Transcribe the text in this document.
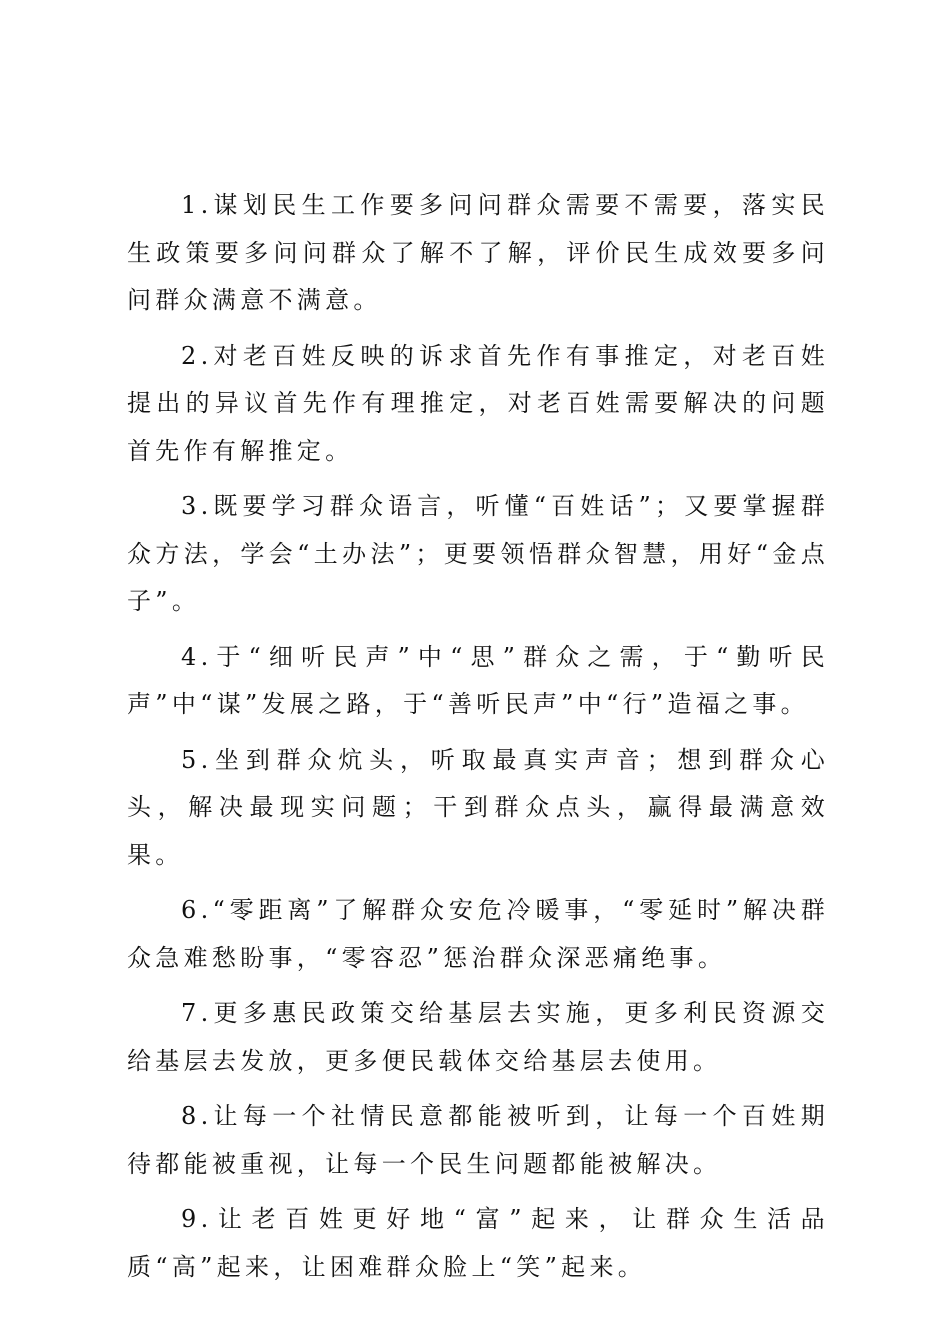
1.谋划民生工作要多问问群众需要不需要，落实民生政策要多问问群众了解不了解，评价民生成效要多问问群众满意不满意。

2.对老百姓反映的诉求首先作有事推定，对老百姓提出的异议首先作有理推定，对老百姓需要解决的问题首先作有解推定。

3.既要学习群众语言，听懂“百姓话”；又要掌握群众方法，学会“土办法”；更要领悟群众智慧，用好“金点子”。

4.于“细听民声”中“思”群众之需，于“勤听民声”中“谋”发展之路，于“善听民声”中“行”造福之事。

5.坐到群众炕头，听取最真实声音；想到群众心头，解决最现实问题；干到群众点头，赢得最满意效果。

6.“零距离”了解群众安危冷暖事，“零延时”解决群众急难愁盼事，“零容忍”惩治群众深恶痛绝事。

7.更多惠民政策交给基层去实施，更多利民资源交给基层去发放，更多便民载体交给基层去使用。

8.让每一个社情民意都能被听到，让每一个百姓期待都能被重视，让每一个民生问题都能被解决。

9.让老百姓更好地“富”起来，让群众生活品质“高”起来，让困难群众脸上“笑”起来。
